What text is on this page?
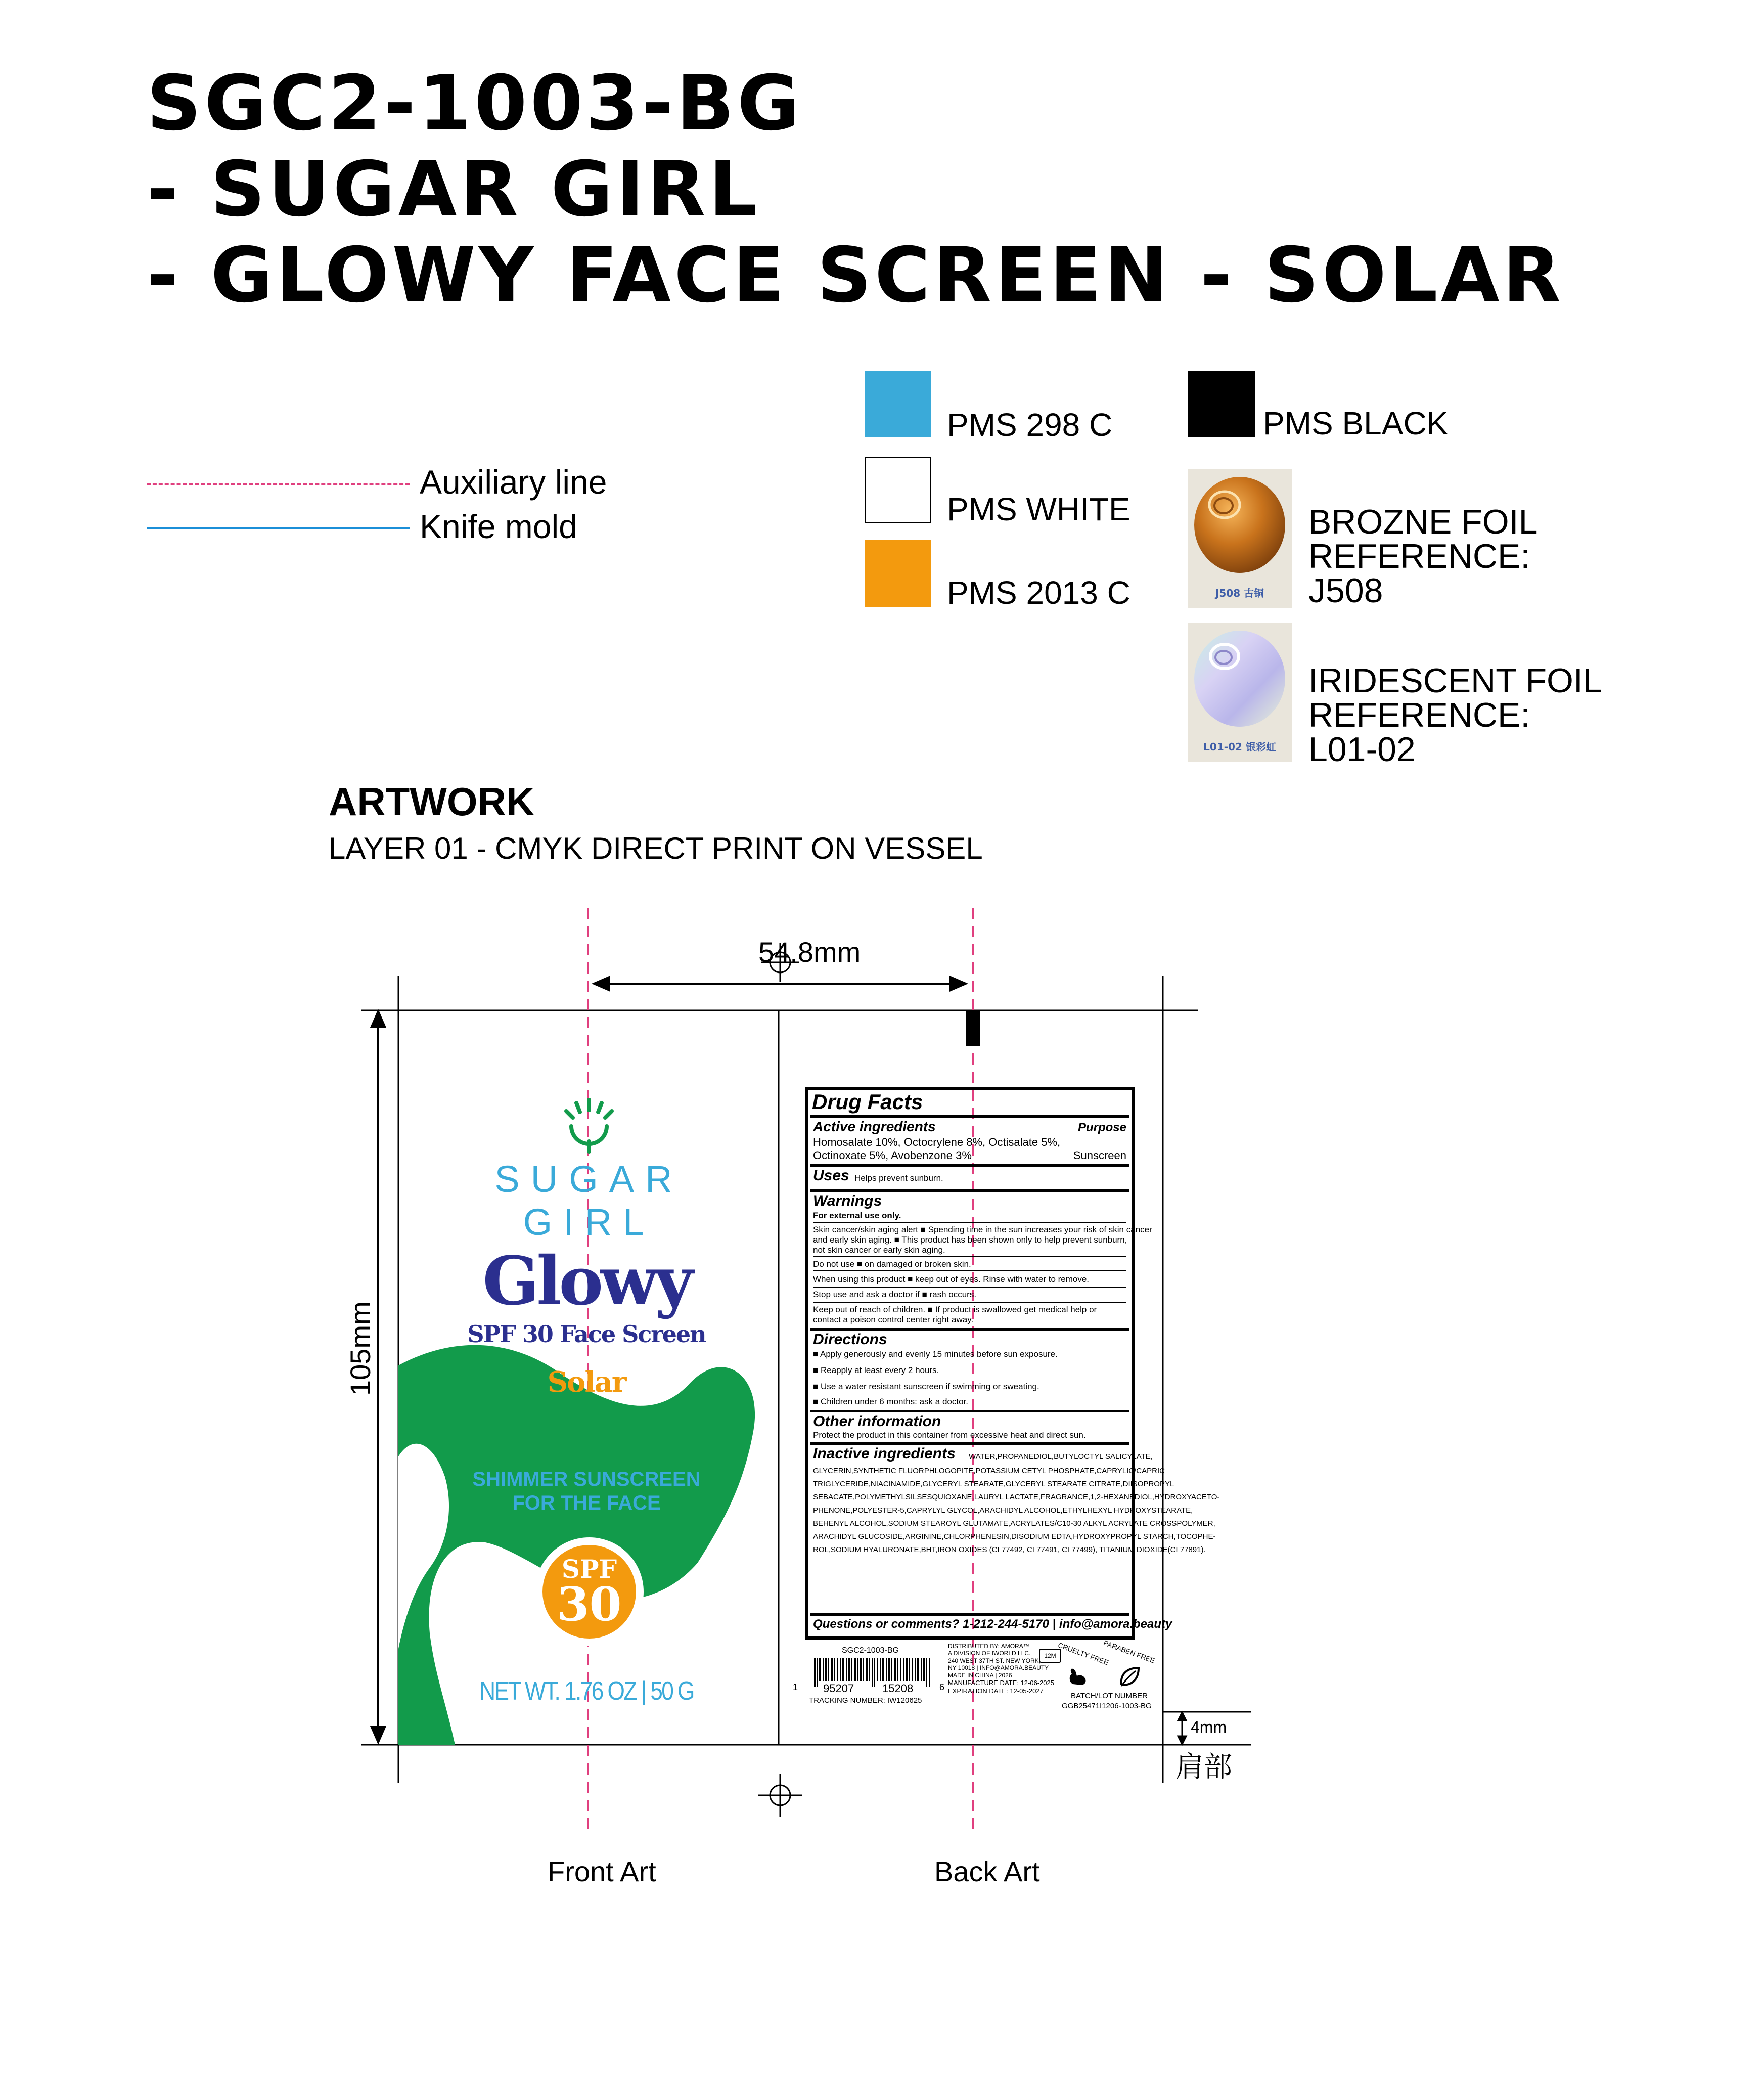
SGC2-1003-BG
- SUGAR GIRL
- GLOWY FACE SCREEN - SOLAR
Auxiliary line
Knife mold
PMS 298 C
PMS WHITE
PMS 2013 C
PMS BLACK
J508 古铜
BROZNE FOIL
REFERENCE:
J508
L01-02 银彩虹
IRIDESCENT FOIL
REFERENCE:
L01-02
ARTWORK
LAYER 01 - CMYK DIRECT PRINT ON VESSEL
54.8mm
105mm
4mm
肩部
Front Art	Back Art
SUGAR
GIRL
Glowy
SPF 30 Face Screen
Solar
SHIMMER SUNSCREEN
FOR THE FACE
SPF
30
NET WT. 1.76 OZ | 50 G
Drug Facts
Active ingredients	Purpose
Homosalate 10%, Octocrylene 8%, Octisalate 5%,
Octinoxate 5%, Avobenzone 3%	Sunscreen
Uses Helps prevent sunburn.
Warnings
For external use only.
Skin cancer/skin aging alert ■ Spending time in the sun increases your risk of skin cancer
and early skin aging. ■ This product has been shown only to help prevent sunburn,
not skin cancer or early skin aging.
Do not use ■ on damaged or broken skin.
When using this product ■ keep out of eyes. Rinse with water to remove.
Stop use and ask a doctor if ■ rash occurs.
Keep out of reach of children. ■ If product is swallowed get medical help or
contact a poison control center right away.
Directions
■ Apply generously and evenly 15 minutes before sun exposure.
■ Reapply at least every 2 hours.
■ Use a water resistant sunscreen if swimming or sweating.
■ Children under 6 months: ask a doctor.
Other information
Protect the product in this container from excessive heat and direct sun.
Inactive ingredients WATER,PROPANEDIOL,BUTYLOCTYL SALICYLATE,
GLYCERIN,SYNTHETIC FLUORPHLOGOPITE,POTASSIUM CETYL PHOSPHATE,CAPRYLIC/CAPRIC
TRIGLYCERIDE,NIACINAMIDE,GLYCERYL STEARATE,GLYCERYL STEARATE CITRATE,DIISOPROPYL
SEBACATE,POLYMETHYLSILSESQUIOXANE,LAURYL LACTATE,FRAGRANCE,1,2-HEXANEDIOL,HYDROXYACETO-
PHENONE,POLYESTER-5,CAPRYLYL GLYCOL,ARACHIDYL ALCOHOL,ETHYLHEXYL HYDROXYSTEARATE,
BEHENYL ALCOHOL,SODIUM STEAROYL GLUTAMATE,ACRYLATES/C10-30 ALKYL ACRYLATE CROSSPOLYMER,
ARACHIDYL GLUCOSIDE,ARGININE,CHLORPHENESIN,DISODIUM EDTA,HYDROXYPROPYL STARCH,TOCOPHE-
ROL,SODIUM HYALURONATE,BHT,IRON OXIDES (CI 77492, CI 77491, CI 77499), TITANIUM DIOXIDE(CI 77891).
Questions or comments? 1-212-244-5170 | info@amora.beauty
SGC2-1003-BG
1 95207	15208	6
TRACKING NUMBER: IW120625
DISTRIBUTED BY: AMORA™
A DIVISION OF IWORLD LLC.
240 WEST 37TH ST. NEW YORK,
NY 10018 | INFO@AMORA.BEAUTY
MADE IN CHINA | 2026
MANUFACTURE DATE: 12-06-2025
EXPIRATION DATE: 12-05-2027
12M CRUELTY FREE
PARABEN FREE
BATCH/LOT NUMBER
GGB25471I1206-1003-BG
